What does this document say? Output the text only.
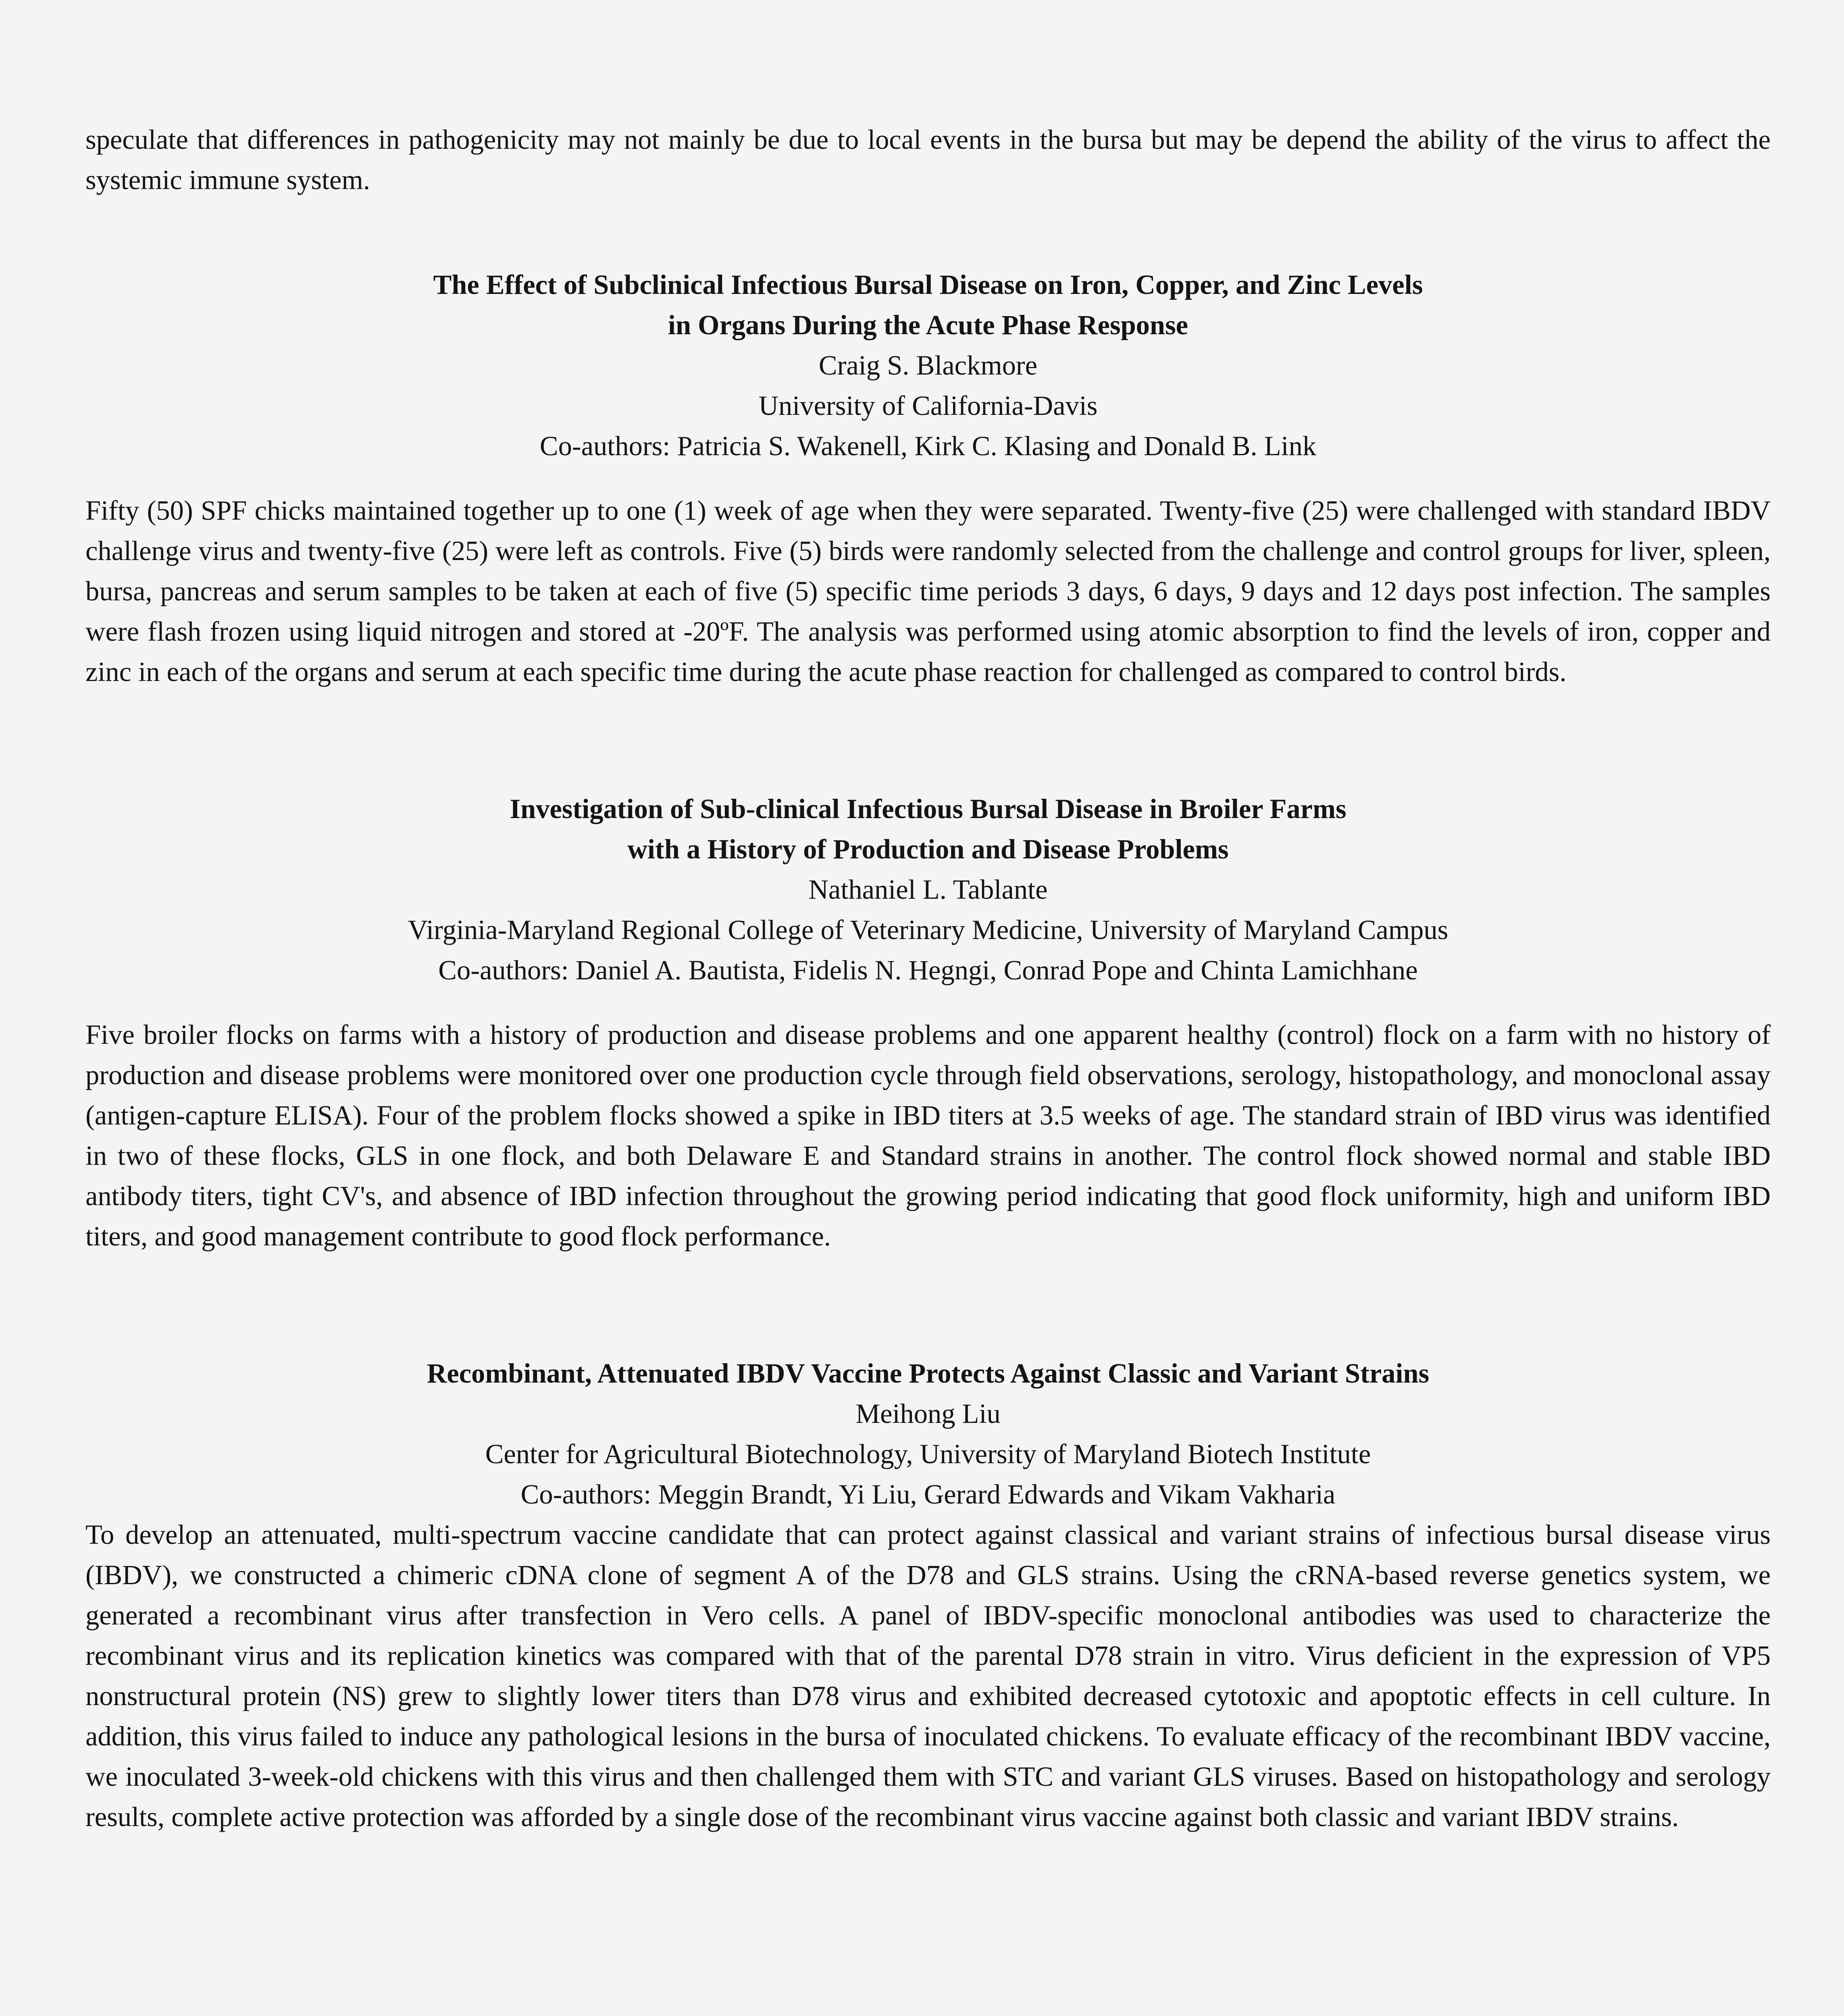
speculate that differences in pathogenicity may not mainly be due to local events in the bursa but may be depend the ability of the virus to affect the systemic immune system.

The Effect of Subclinical Infectious Bursal Disease on Iron, Copper, and Zinc Levels

in Organs During the Acute Phase Response

Craig S. Blackmore

University of California-Davis

Co-authors: Patricia S. Wakenell, Kirk C. Klasing and Donald B. Link

Fifty (50) SPF chicks maintained together up to one (1) week of age when they were separated. Twenty-five (25) were challenged with standard IBDV challenge virus and twenty-five (25) were left as controls. Five (5) birds were randomly selected from the challenge and control groups for liver, spleen, bursa, pancreas and serum samples to be taken at each of five (5) specific time periods 3 days, 6 days, 9 days and 12 days post infection. The samples were flash frozen using liquid nitrogen and stored at -20ºF. The analysis was performed using atomic absorption to find the levels of iron, copper and zinc in each of the organs and serum at each specific time during the acute phase reaction for challenged as compared to control birds.

Investigation of Sub-clinical Infectious Bursal Disease in Broiler Farms

with a History of Production and Disease Problems

Nathaniel L. Tablante

Virginia-Maryland Regional College of Veterinary Medicine, University of Maryland Campus

Co-authors: Daniel A. Bautista, Fidelis N. Hegngi, Conrad Pope and Chinta Lamichhane

Five broiler flocks on farms with a history of production and disease problems and one apparent healthy (control) flock on a farm with no history of production and disease problems were monitored over one production cycle through field observations, serology, histopathology, and monoclonal assay (antigen-capture ELISA). Four of the problem flocks showed a spike in IBD titers at 3.5 weeks of age. The standard strain of IBD virus was identified in two of these flocks, GLS in one flock, and both Delaware E and Standard strains in another. The control flock showed normal and stable IBD antibody titers, tight CV's, and absence of IBD infection throughout the growing period indicating that good flock uniformity, high and uniform IBD titers, and good management contribute to good flock performance.

Recombinant, Attenuated IBDV Vaccine Protects Against Classic and Variant Strains

Meihong Liu

Center for Agricultural Biotechnology, University of Maryland Biotech Institute

Co-authors: Meggin Brandt, Yi Liu, Gerard Edwards and Vikam Vakharia

To develop an attenuated, multi-spectrum vaccine candidate that can protect against classical and variant strains of infectious bursal disease virus (IBDV), we constructed a chimeric cDNA clone of segment A of the D78 and GLS strains. Using the cRNA-based reverse genetics system, we generated a recombinant virus after transfection in Vero cells. A panel of IBDV-specific monoclonal antibodies was used to characterize the recombinant virus and its replication kinetics was compared with that of the parental D78 strain in vitro. Virus deficient in the expression of VP5 nonstructural protein (NS) grew to slightly lower titers than D78 virus and exhibited decreased cytotoxic and apoptotic effects in cell culture. In addition, this virus failed to induce any pathological lesions in the bursa of inoculated chickens. To evaluate efficacy of the recombinant IBDV vaccine, we inoculated 3-week-old chickens with this virus and then challenged them with STC and variant GLS viruses. Based on histopathology and serology results, complete active protection was afforded by a single dose of the recombinant virus vaccine against both classic and variant IBDV strains.
